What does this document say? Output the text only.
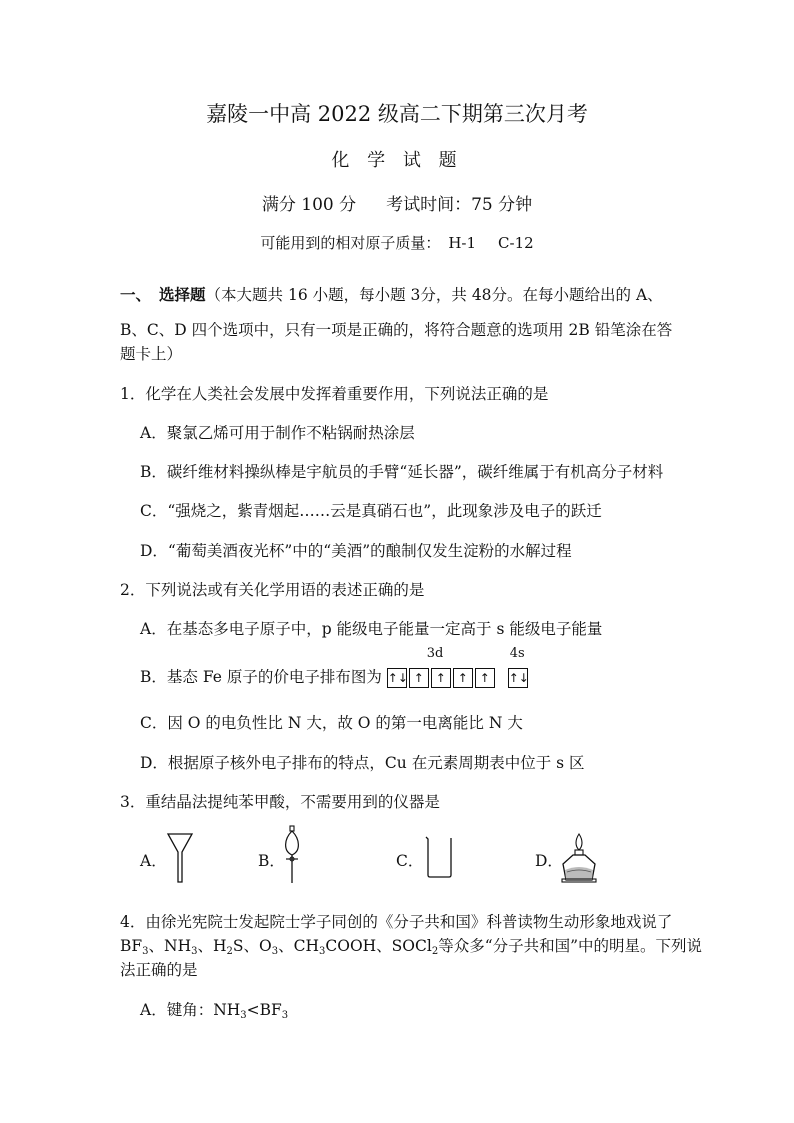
嘉陵一中高 2022 级高二下期第三次月考
化 学 试 题
满分 100 分 考试时间：75 分钟
可能用到的相对原子质量： H-1 C-12
一、 选择题（本大题共 16 小题，每小题 3分，共 48分。在每小题给出的 A、
B、C、D 四个选项中，只有一项是正确的，将符合题意的选项用 2B 铅笔涂在答
题卡上）
1．化学在人类社会发展中发挥着重要作用，下列说法正确的是
A．聚氯乙烯可用于制作不粘锅耐热涂层
B．碳纤维材料操纵棒是宇航员的手臂“延长器”，碳纤维属于有机高分子材料
C．“强烧之，紫青烟起……云是真硝石也”，此现象涉及电子的跃迁
D．“葡萄美酒夜光杯”中的“美酒”的酿制仅发生淀粉的水解过程
2．下列说法或有关化学用语的表述正确的是
A．在基态多电子原子中，p 能级电子能量一定高于 s 能级电子能量
B．基态 Fe 原子的价电子排布图为
3d
↑↓ ↑ ↑ ↑ ↑
4s
↑↓
C．因 O 的电负性比 N 大，故 O 的第一电离能比 N 大
D．根据原子核外电子排布的特点，Cu 在元素周期表中位于 s 区
3．重结晶法提纯苯甲酸，不需要用到的仪器是
A．	B．	C．	D．
4．由徐光宪院士发起院士学子同创的《分子共和国》科普读物生动形象地戏说了
$BF_3$、$NH_3$、$H_2S$、$O_3$、$CH_3COOH$、SOCl$_2$等众多“分子共和国”中的明星。下列说
法正确的是
A．键角：$NH_3<BF_3$
